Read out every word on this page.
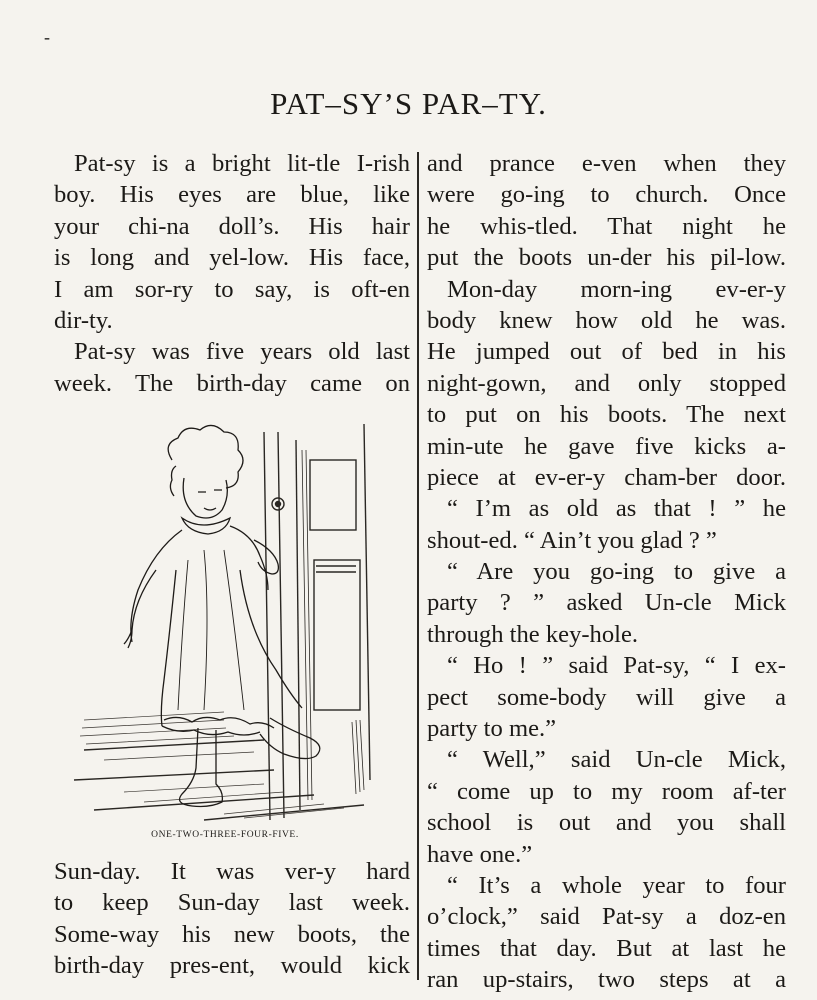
-
PAT–SY’S PAR–TY.
Pat-sy is a bright lit-tle I-rish
boy. His eyes are blue, like
your chi-na doll’s. His hair
is long and yel-low. His face,
I am sor-ry to say, is oft-en
dir-ty.
Pat-sy was five years old last
week. The birth-day came on
ONE-TWO-THREE-FOUR-FIVE.
Sun-day. It was ver-y hard
to keep Sun-day last week.
Some-way his new boots, the
birth-day pres-ent, would kick
and prance e-ven when they
were go-ing to church. Once
he whis-tled. That night he
put the boots un-der his pil-low.
Mon-day morn-ing ev-er-y
body knew how old he was.
He jumped out of bed in his
night-gown, and only stopped
to put on his boots. The next
min-ute he gave five kicks a-
piece at ev-er-y cham-ber door.
“ I’m as old as that ! ” he
shout-ed. “ Ain’t you glad ? ”
“ Are you go-ing to give a
party ? ” asked Un-cle Mick
through the key-hole.
“ Ho ! ” said Pat-sy, “ I ex-
pect some-body will give a
party to me.”
“ Well,” said Un-cle Mick,
“ come up to my room af-ter
school is out and you shall
have one.”
“ It’s a whole year to four
o’clock,” said Pat-sy a doz-en
times that day. But at last he
ran up-stairs, two steps at a
